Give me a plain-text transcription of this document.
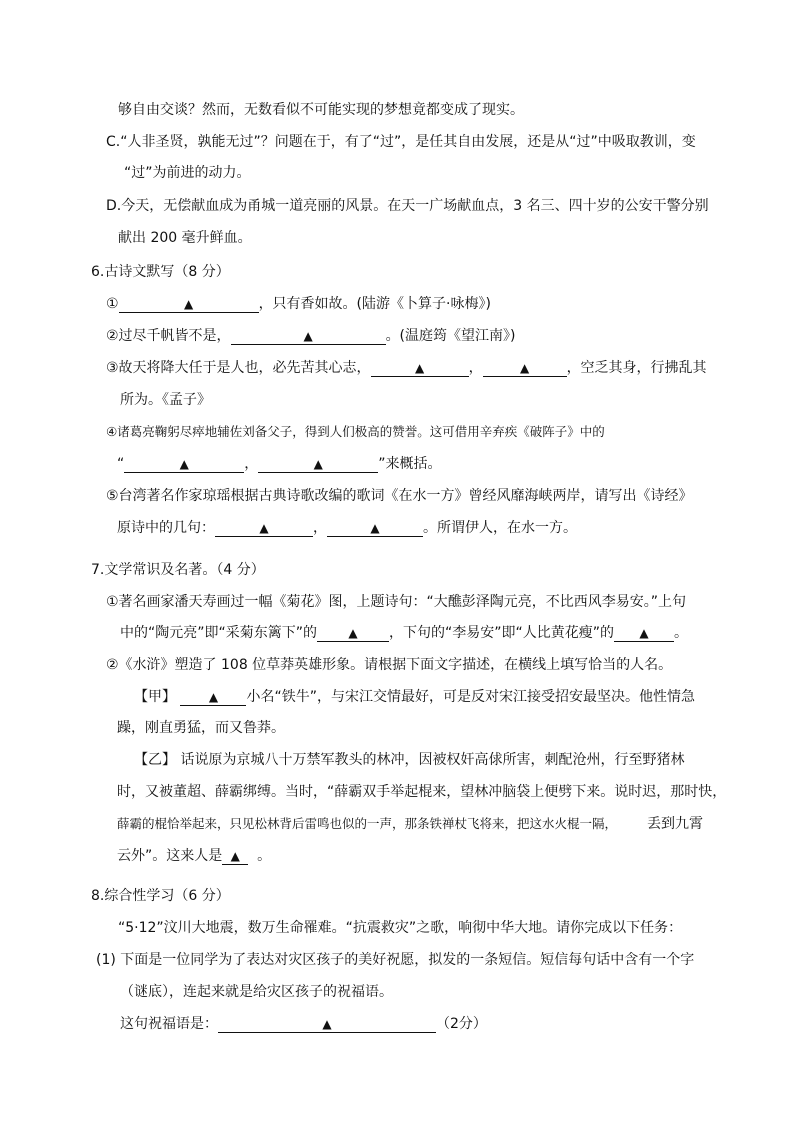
够自由交谈？然而，无数看似不可能实现的梦想竟都变成了现实。
C.“人非圣贤，孰能无过”？问题在于，有了“过”，是任其自由发展，还是从“过”中吸取教训，变
“过”为前进的动力。
D.今天，无偿献血成为甬城一道亮丽的风景。在天一广场献血点，3 名三、四十岁的公安干警分别
献出 200 毫升鲜血。
6.古诗文默写（8 分）
①	▲	，只有香如故。(陆游《卜算子·咏梅》)
②过尽千帆皆不是，	▲	。(温庭筠《望江南》)
③故天将降大任于是人也，必先苦其心志，	▲	，	▲	，空乏其身，行拂乱其
所为。《孟子》
④诸葛亮鞠躬尽瘁地辅佐刘备父子，得到人们极高的赞誉。这可借用辛弃疾《破阵子》中的
“	▲	，	▲	”来概括。
⑤台湾著名作家琼瑶根据古典诗歌改编的歌词《在水一方》曾经风靡海峡两岸，请写出《诗经》
原诗中的几句：	▲	，	▲	。所谓伊人，在水一方。
7.文学常识及名著。（4 分）
①著名画家潘天寿画过一幅《菊花》图，上题诗句：“大醮彭泽陶元亮，不比西风李易安。”上句
中的“陶元亮”即“采菊东篱下”的	▲ ，下句的“李易安”即“人比黄花瘦”的 ▲ 。
②《水浒》塑造了 108 位草莽英雄形象。请根据下面文字描述，在横线上填写恰当的人名。
【甲】	▲ 小名“铁牛”，与宋江交情最好，可是反对宋江接受招安最坚决。他性情急
躁，刚直勇猛，而又鲁莽。
【乙】 话说原为京城八十万禁军教头的林冲，因被权奸高俅所害，刺配沧州，行至野猪林
时，又被董超、薛霸绑缚。当时，“薛霸双手举起棍来，望林冲脑袋上便劈下来。说时迟，那时快，
薛霸的棍恰举起来，只见松林背后雷鸣也似的一声，那条铁禅杖飞将来，把这水火棍一隔， 丢到九霄
云外”。这来人是 ▲ 。
8.综合性学习（6 分）
“5·12”汶川大地震，数万生命罹难。“抗震救灾”之歌，响彻中华大地。请你完成以下任务：
(1) 下面是一位同学为了表达对灾区孩子的美好祝愿，拟发的一条短信。短信每句话中含有一个字
（谜底），连起来就是给灾区孩子的祝福语。
这句祝福语是：	▲	（2分）
